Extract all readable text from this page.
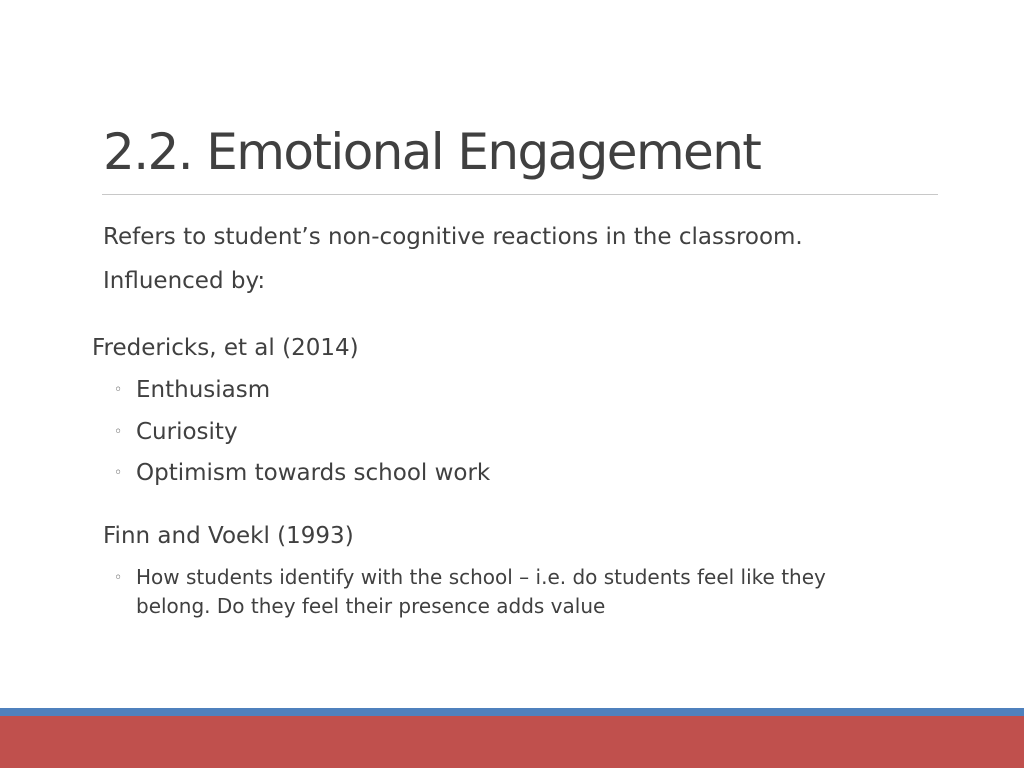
2.2. Emotional Engagement
Refers to student’s non-cognitive reactions in the classroom.
Influenced by:
Fredericks, et al (2014)
◦ Enthusiasm
◦ Curiosity
◦ Optimism towards school work
Finn and Voekl (1993)
◦ How students identify with the school – i.e. do students feel like they
belong. Do they feel their presence adds value
